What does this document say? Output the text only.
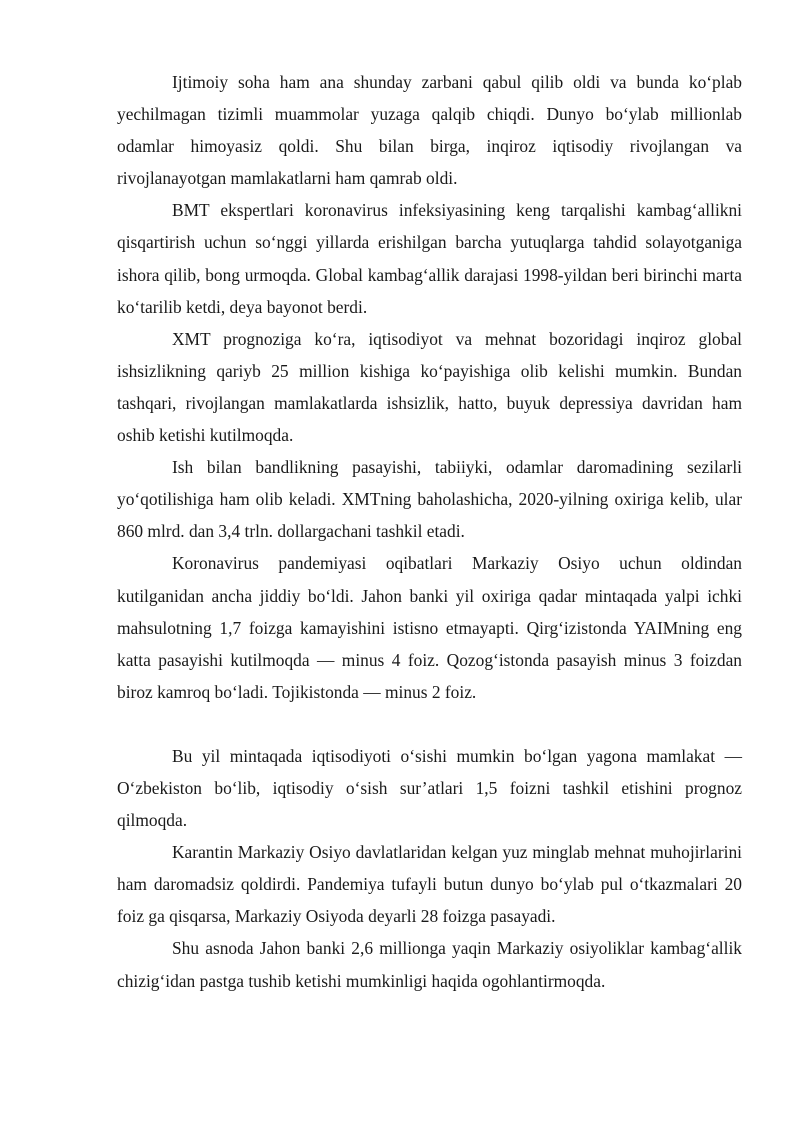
Ijtimoiy soha ham ana shunday zarbani qabul qilib oldi va bunda ko‘plab yechilmagan tizimli muammolar yuzaga qalqib chiqdi. Dunyo bo‘ylab millionlab odamlar himoyasiz qoldi. Shu bilan birga, inqiroz iqtisodiy rivojlangan va rivojlanayotgan mamlakatlarni ham qamrab oldi.

BMT ekspertlari koronavirus infeksiyasining keng tarqalishi kambag‘allikni qisqartirish uchun so‘nggi yillarda erishilgan barcha yutuqlarga tahdid solayotganiga ishora qilib, bong urmoqda. Global kambag‘allik darajasi 1998-yildan beri birinchi marta ko‘tarilib ketdi, deya bayonot berdi.

XMT prognoziga ko‘ra, iqtisodiyot va mehnat bozoridagi inqiroz global ishsizlikning qariyb 25 million kishiga ko‘payishiga olib kelishi mumkin. Bundan tashqari, rivojlangan mamlakatlarda ishsizlik, hatto, buyuk depressiya davridan ham oshib ketishi kutilmoqda.

Ish bilan bandlikning pasayishi, tabiiyki, odamlar daromadining sezilarli yo‘qotilishiga ham olib keladi. XMTning baholashicha, 2020-yilning oxiriga kelib, ular 860 mlrd. dan 3,4 trln. dollargachani tashkil etadi.

Koronavirus pandemiyasi oqibatlari Markaziy Osiyo uchun oldindan kutilganidan ancha jiddiy bo‘ldi. Jahon banki yil oxiriga qadar mintaqada yalpi ichki mahsulotning 1,7 foizga kamayishini istisno etmayapti. Qirg‘izistonda YAIMning eng katta pasayishi kutilmoqda — minus 4 foiz. Qozog‘istonda pasayish minus 3 foizdan biroz kamroq bo‘ladi. Tojikistonda — minus 2 foiz.

Bu yil mintaqada iqtisodiyoti o‘sishi mumkin bo‘lgan yagona mamlakat — O‘zbekiston bo‘lib, iqtisodiy o‘sish sur’atlari 1,5 foizni tashkil etishini prognoz qilmoqda.

Karantin Markaziy Osiyo davlatlaridan kelgan yuz minglab mehnat muhojirlarini ham daromadsiz qoldirdi. Pandemiya tufayli butun dunyo bo‘ylab pul o‘tkazmalari 20 foiz ga qisqarsa, Markaziy Osiyoda deyarli 28 foizga pasayadi.

Shu asnoda Jahon banki 2,6 millionga yaqin Markaziy osiyoliklar kambag‘allik chizig‘idan pastga tushib ketishi mumkinligi haqida ogohlantirmoqda.
